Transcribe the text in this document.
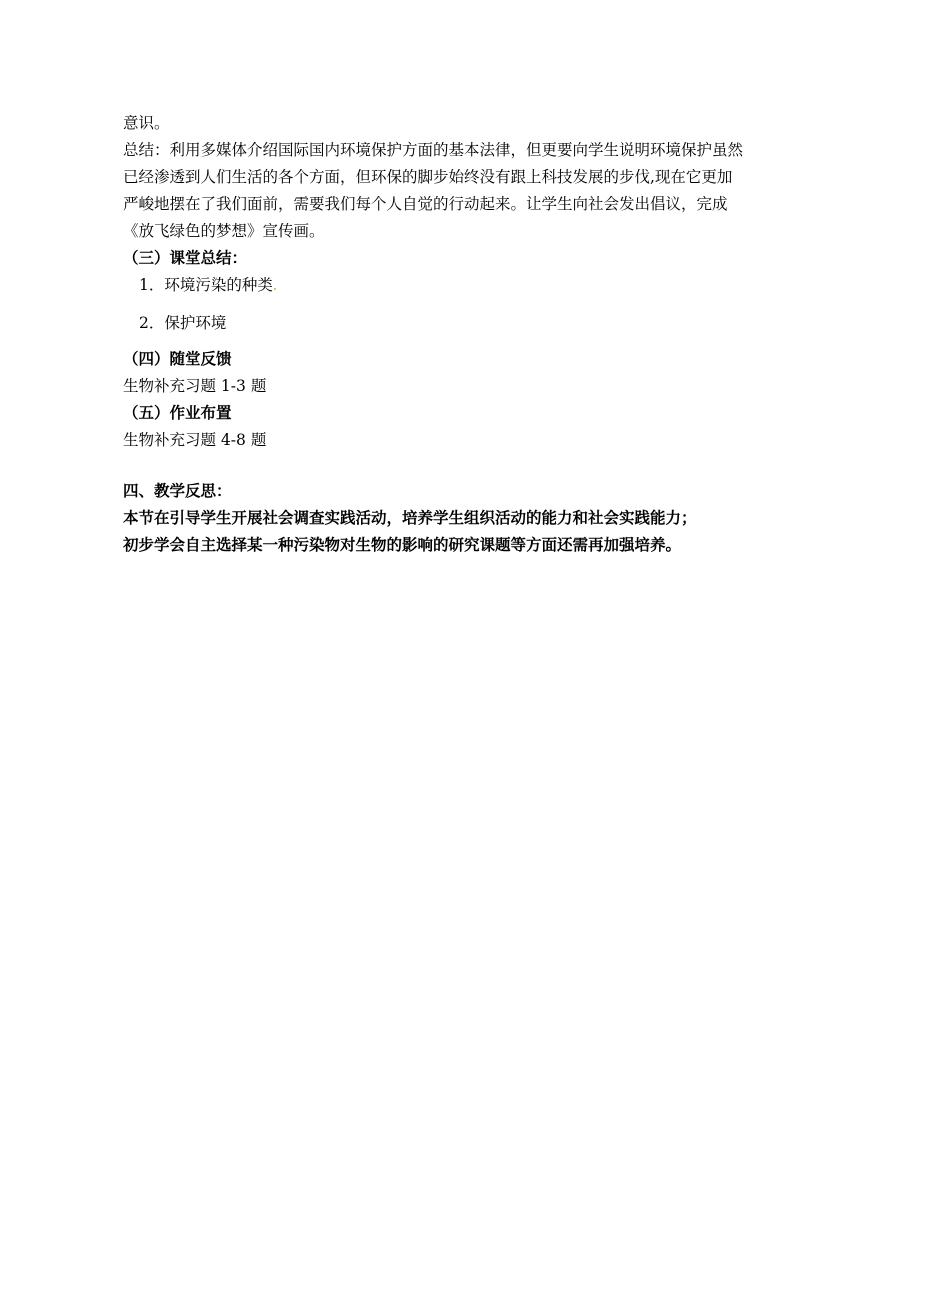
意识。
总结：利用多媒体介绍国际国内环境保护方面的基本法律，但更要向学生说明环境保护虽然
已经渗透到人们生活的各个方面，但环保的脚步始终没有跟上科技发展的步伐,现在它更加
严峻地摆在了我们面前，需要我们每个人自觉的行动起来。让学生向社会发出倡议，完成
《放飞绿色的梦想》宣传画。
（三）课堂总结：
1．环境污染的种类
2．保护环境
（四）随堂反馈
生物补充习题 1-3 题
（五）作业布置
生物补充习题 4-8 题
四、教学反思：
本节在引导学生开展社会调查实践活动，培养学生组织活动的能力和社会实践能力；
初步学会自主选择某一种污染物对生物的影响的研究课题等方面还需再加强培养。
